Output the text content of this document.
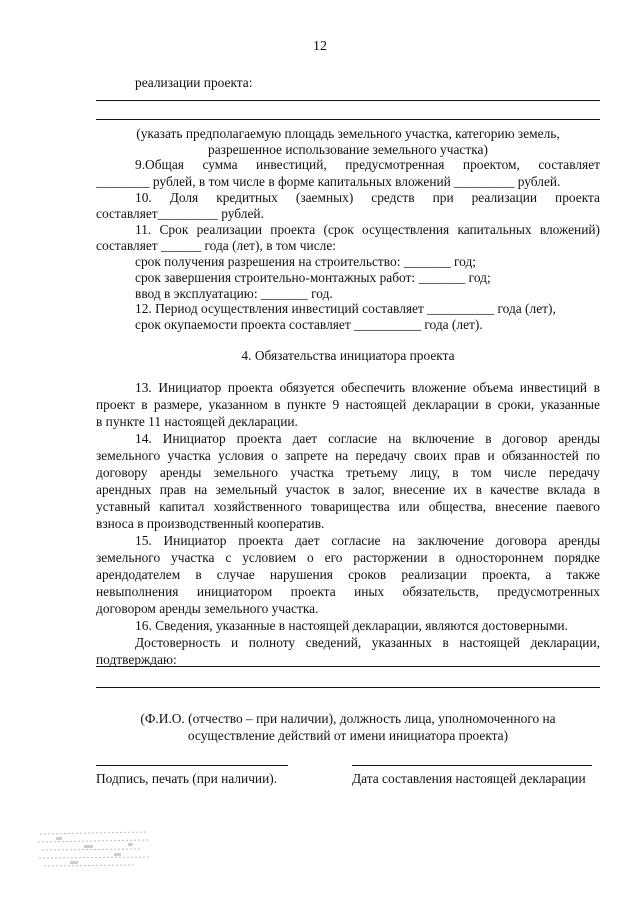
12
реализации проекта:
(указать предполагаемую площадь земельного участка, категорию земель,
разрешенное использование земельного участка)
9.Общая сумма инвестиций, предусмотренная проектом, составляет
________ рублей, в том числе в форме капитальных вложений _________ рублей.
10. Доля кредитных (заемных) средств при реализации проекта
составляет_________ рублей.
11. Срок реализации проекта (срок осуществления капитальных вложений)
составляет ______ года (лет), в том числе:
срок получения разрешения на строительство: _______ год;
срок завершения строительно-монтажных работ: _______ год;
ввод в эксплуатацию: _______ год.
12. Период осуществления инвестиций составляет __________ года (лет),
срок окупаемости проекта составляет __________ года (лет).
4. Обязательства инициатора проекта
13. Инициатор проекта обязуется обеспечить вложение объема инвестиций в
проект в размере, указанном в пункте 9 настоящей декларации в сроки, указанные
в пункте 11 настоящей декларации.
14. Инициатор проекта дает согласие на включение в договор аренды
земельного участка условия о запрете на передачу своих прав и обязанностей по
договору аренды земельного участка третьему лицу, в том числе передачу
арендных прав на земельный участок в залог, внесение их в качестве вклада в
уставный капитал хозяйственного товарищества или общества, внесение паевого
взноса в производственный кооператив.
15. Инициатор проекта дает согласие на заключение договора аренды
земельного участка с условием о его расторжении в одностороннем порядке
арендодателем в случае нарушения сроков реализации проекта, а также
невыполнения инициатором проекта иных обязательств, предусмотренных
договором аренды земельного участка.
16. Сведения, указанные в настоящей декларации, являются достоверными.
Достоверность и полноту сведений, указанных в настоящей декларации,
подтверждаю:
(Ф.И.О. (отчество – при наличии), должность лица, уполномоченного на
осуществление действий от имени инициатора проекта)
Подпись, печать (при наличии).	Дата составления настоящей декларации
